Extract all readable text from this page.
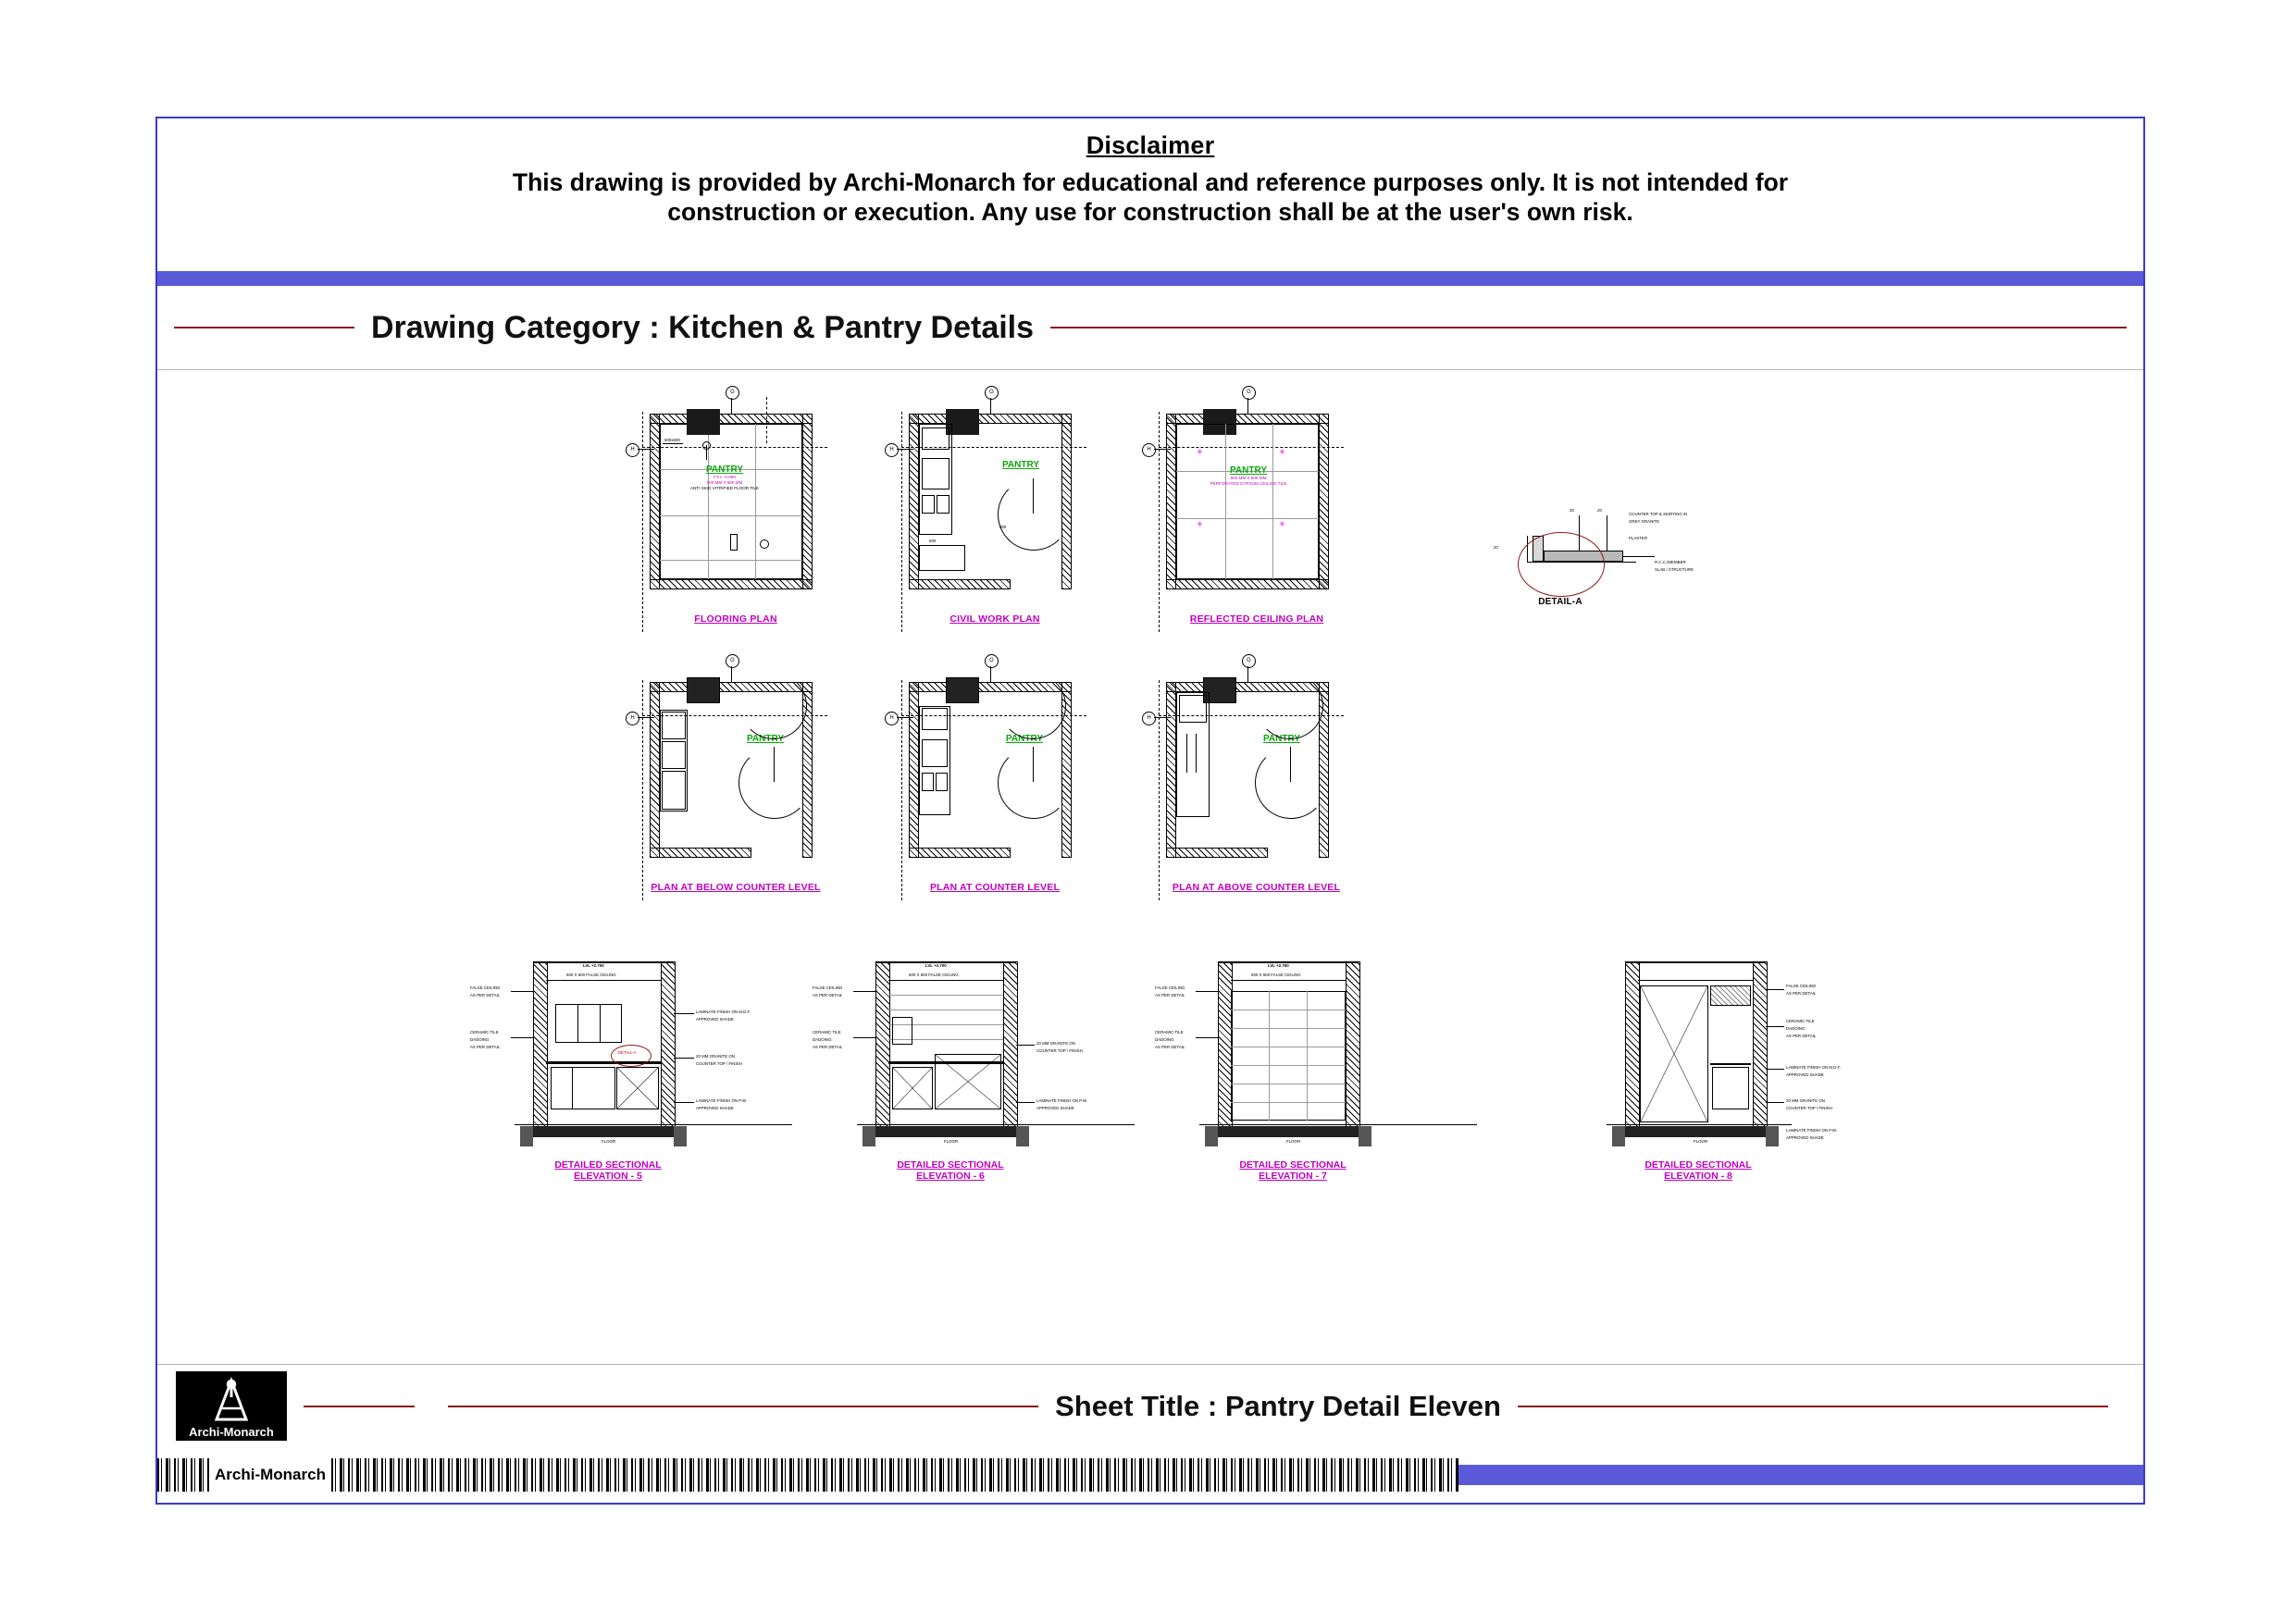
Disclaimer
This drawing is provided by Archi-Monarch for educational and reference purposes only. It is not intended for
construction or execution. Any use for construction shall be at the user's own risk.
Drawing Category : Kitchen & Pantry Details
G
H
600x600
PANTRY
F.F.L -0.000
600 MM X 600 MM
ANTI SKID VITRIFIED FLOOR TILE
FLOORING PLAN
G
H
PANTRY
900
600
CIVIL WORK PLAN
G
H	✳	✳
✳	✳
PANTRY
600 MM X 600 MM
PERFORATED GYPSUM CEILING TILE
REFLECTED CEILING PLAN
20	20
20
COUNTER TOP & SKIRTING IN
GREY GRANITE
PLASTER
R.C.C./MEMBER
SLAB / STRUCTURE
DETAIL-A
G
H
PANTRY
PLAN AT BELOW COUNTER LEVEL
G
H
PANTRY
PLAN AT COUNTER LEVEL
G
H
PANTRY
PLAN AT ABOVE COUNTER LEVEL
FALSE CEILING
AS PER DETAIL
CERAMIC TILE
DADOING
AS PER DETAIL
LVL +2.700
600 X 600 FALSE CEILING
DETAIL-A
FLOOR
LAMINATE FINISH ON M.D.F.
APPROVED SHADE
20 MM GRANITE ON
COUNTER TOP / FINISH
LAMINATE FINISH ON P.W.
APPROVED SHADE
DETAILED SECTIONAL
ELEVATION - 5
FALSE CEILING
AS PER DETAIL
CERAMIC TILE
DADOING
AS PER DETAIL
LVL +2.700
600 X 600 FALSE CEILING
FLOOR
20 MM GRANITE ON
COUNTER TOP / FINISH
LAMINATE FINISH ON P.W.
APPROVED SHADE
DETAILED SECTIONAL
ELEVATION - 6
FALSE CEILING
AS PER DETAIL
CERAMIC TILE
DADOING
AS PER DETAIL
LVL +2.700
600 X 600 FALSE CEILING
FLOOR
DETAILED SECTIONAL
ELEVATION - 7
FLOOR
FALSE CEILING
AS PER DETAIL
CERAMIC TILE
DADOING
AS PER DETAIL
LAMINATE FINISH ON M.D.F.
APPROVED SHADE
20 MM GRANITE ON
COUNTER TOP / FINISH
LAMINATE FINISH ON P.W.
APPROVED SHADE
DETAILED SECTIONAL
ELEVATION - 8
Archi-Monarch
Sheet Title : Pantry Detail Eleven
Archi-Monarch
